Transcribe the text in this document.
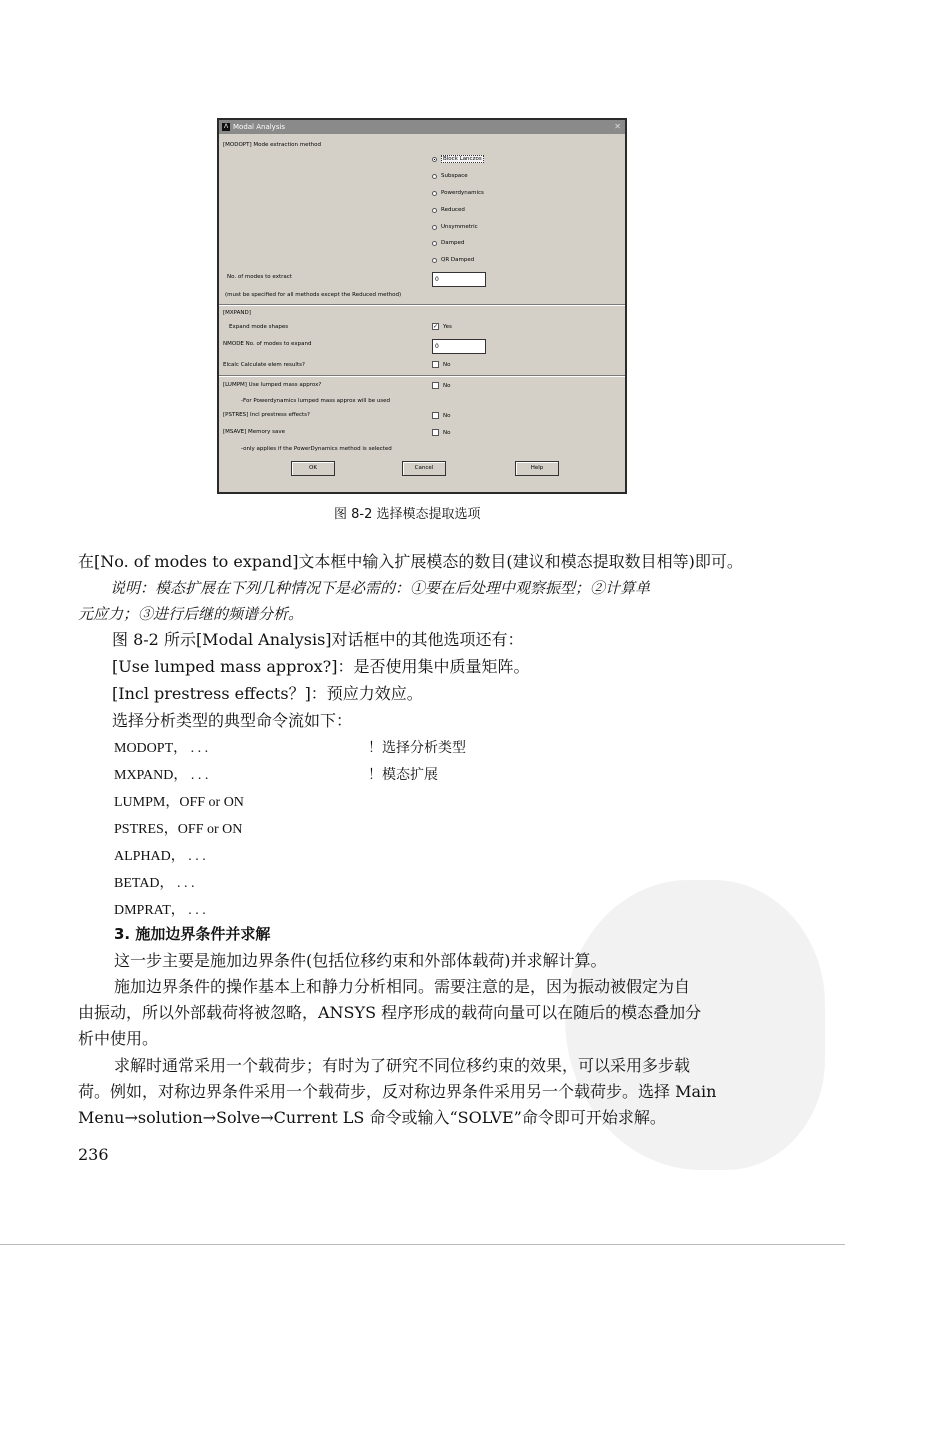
Λ Modal Analysis	✕
[MODOPT] Mode extraction method
Block Lanczos
Subspace
Powerdynamics
Reduced
Unsymmetric
Damped
QR Damped
No. of modes to extract	0
(must be specified for all methods except the Reduced method)
[MXPAND]
Expand mode shapes	✓ Yes
NMODE No. of modes to expand	0
Elcalc Calculate elem results?	No
[LUMPM] Use lumped mass approx?	No
-For Powerdynamics lumped mass approx will be used
[PSTRES] Incl prestress effects?	No
[MSAVE] Memory save	No
-only applies if the PowerDynamics method is selected
OK	Cancel	Help
图 8-2 选择模态提取选项
在[No. of modes to expand]文本框中输入扩展模态的数目(建议和模态提取数目相等)即可。
说明：模态扩展在下列几种情况下是必需的：①要在后处理中观察振型；②计算单
元应力；③进行后继的频谱分析。
图 8-2 所示[Modal Analysis]对话框中的其他选项还有：
[Use lumped mass approx?]：是否使用集中质量矩阵。
[Incl prestress effects？]：预应力效应。
选择分析类型的典型命令流如下：
MODOPT， . . .	！选择分析类型
MXPAND， . . .	！模态扩展
LUMPM，OFF or ON
PSTRES，OFF or ON
ALPHAD， . . .
BETAD， . . .
DMPRAT， . . .
3. 施加边界条件并求解
这一步主要是施加边界条件(包括位移约束和外部体载荷)并求解计算。
施加边界条件的操作基本上和静力分析相同。需要注意的是，因为振动被假定为自
由振动，所以外部载荷将被忽略，ANSYS 程序形成的载荷向量可以在随后的模态叠加分
析中使用。
求解时通常采用一个载荷步；有时为了研究不同位移约束的效果，可以采用多步载
荷。例如，对称边界条件采用一个载荷步，反对称边界条件采用另一个载荷步。选择 Main
Menu→solution→Solve→Current LS 命令或输入“SOLVE”命令即可开始求解。
236
